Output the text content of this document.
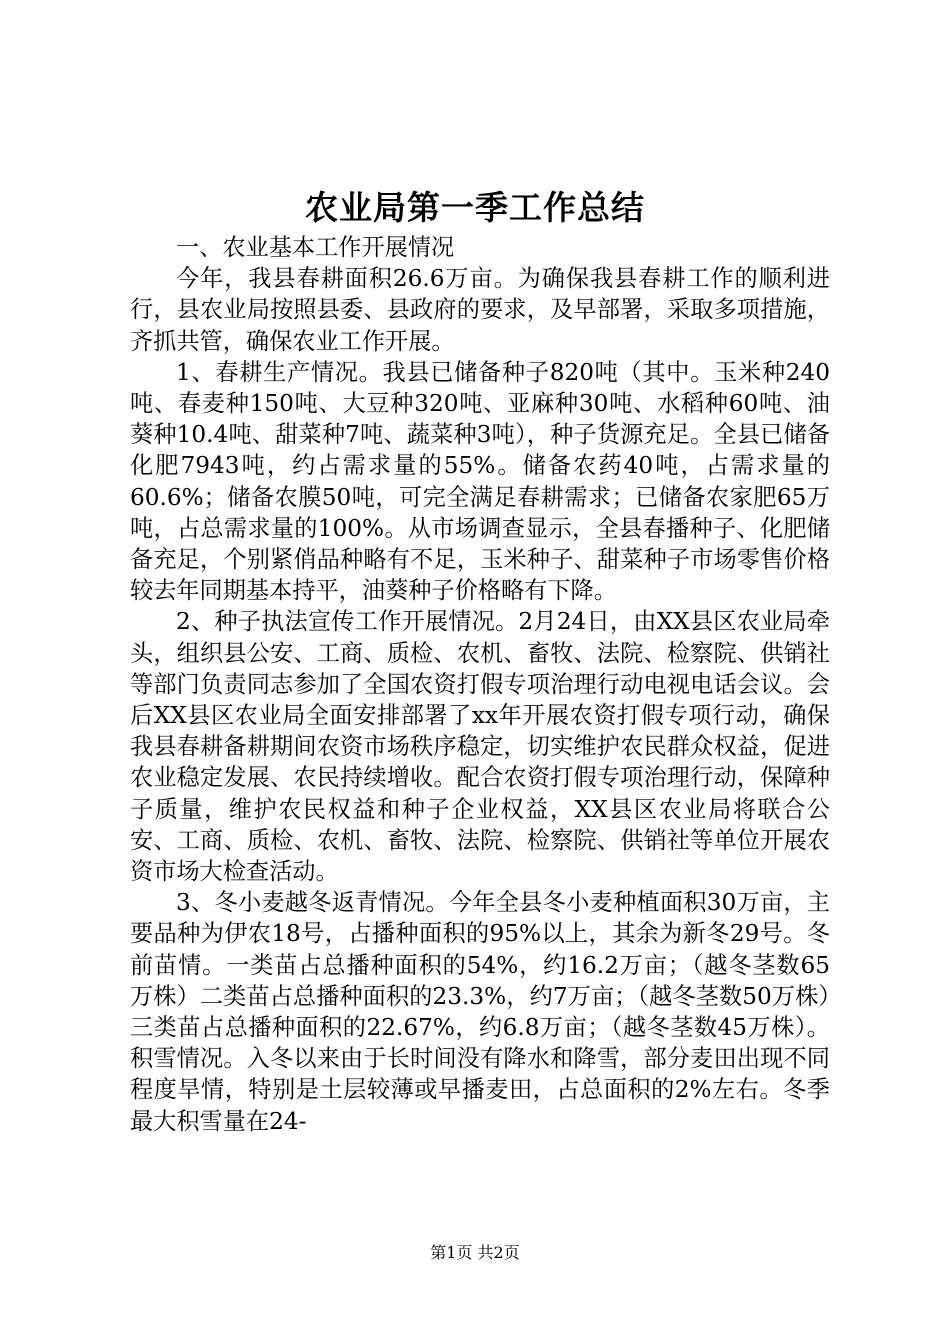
农业局第一季工作总结

一、农业基本工作开展情况

今年，我县春耕面积26.6万亩。为确保我县春耕工作的顺利进行，县农业局按照县委、县政府的要求，及早部署，采取多项措施，齐抓共管，确保农业工作开展。

1、春耕生产情况。我县已储备种子820吨（其中。玉米种240吨、春麦种150吨、大豆种320吨、亚麻种30吨、水稻种60吨、油葵种10.4吨、甜菜种7吨、蔬菜种3吨），种子货源充足。全县已储备化肥7943吨，约占需求量的55%。储备农药40吨，占需求量的60.6%；储备农膜50吨，可完全满足春耕需求；已储备农家肥65万吨，占总需求量的100%。从市场调查显示，全县春播种子、化肥储备充足，个别紧俏品种略有不足，玉米种子、甜菜种子市场零售价格较去年同期基本持平，油葵种子价格略有下降。

2、种子执法宣传工作开展情况。2月24日，由XX县区农业局牵头，组织县公安、工商、质检、农机、畜牧、法院、检察院、供销社等部门负责同志参加了全国农资打假专项治理行动电视电话会议。会后XX县区农业局全面安排部署了xx年开展农资打假专项行动，确保我县春耕备耕期间农资市场秩序稳定，切实维护农民群众权益，促进农业稳定发展、农民持续增收。配合农资打假专项治理行动，保障种子质量，维护农民权益和种子企业权益，XX县区农业局将联合公安、工商、质检、农机、畜牧、法院、检察院、供销社等单位开展农资市场大检查活动。

3、冬小麦越冬返青情况。今年全县冬小麦种植面积30万亩，主要品种为伊农18号，占播种面积的95%以上，其余为新冬29号。冬前苗情。一类苗占总播种面积的54%，约16.2万亩；（越冬茎数65万株）二类苗占总播种面积的23.3%，约7万亩；（越冬茎数50万株）三类苗占总播种面积的22.67%，约6.8万亩；（越冬茎数45万株）。积雪情况。入冬以来由于长时间没有降水和降雪，部分麦田出现不同程度旱情，特别是土层较薄或早播麦田，占总面积的2%左右。冬季最大积雪量在24-

第1页 共2页
